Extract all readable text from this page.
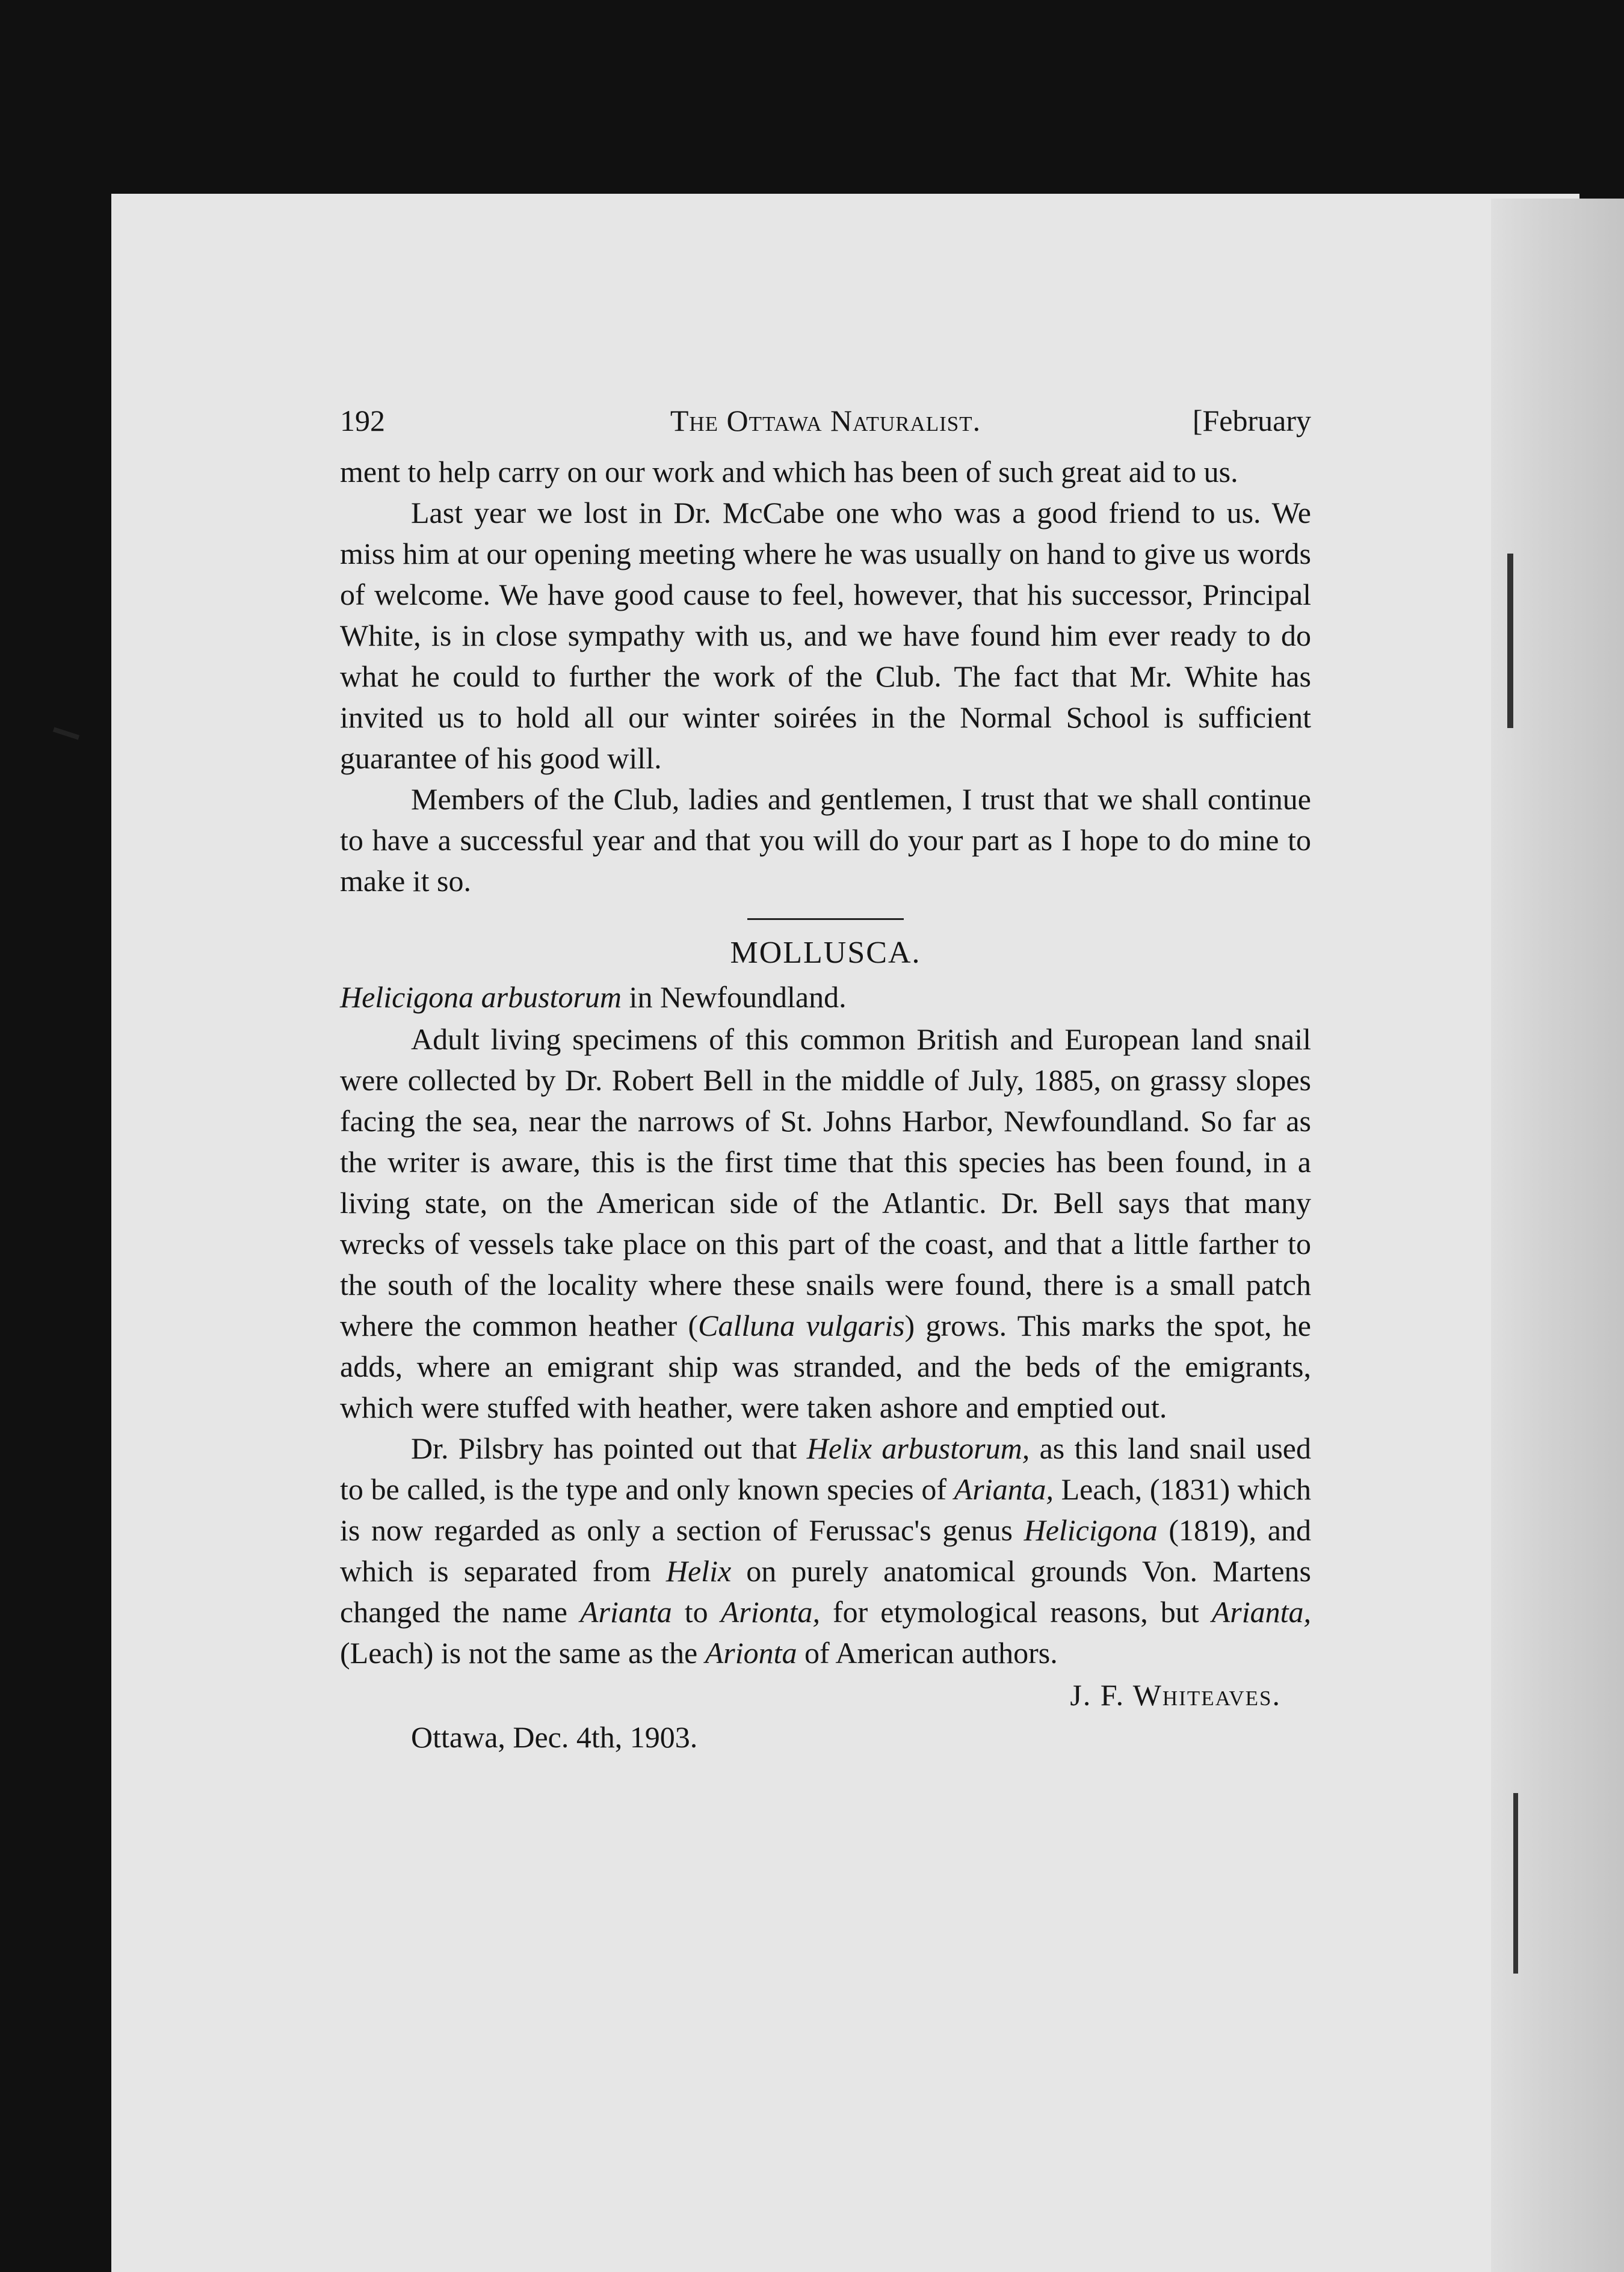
192	The Ottawa Naturalist.	[February

ment to help carry on our work and which has been of such great aid to us.

Last year we lost in Dr. McCabe one who was a good friend to us. We miss him at our opening meeting where he was usually on hand to give us words of welcome. We have good cause to feel, however, that his successor, Principal White, is in close sympathy with us, and we have found him ever ready to do what he could to further the work of the Club. The fact that Mr. White has invited us to hold all our winter soirées in the Normal School is sufficient guarantee of his good will.

Members of the Club, ladies and gentlemen, I trust that we shall continue to have a successful year and that you will do your part as I hope to do mine to make it so.

MOLLUSCA.
Helicigona arbustorum in Newfoundland.

Adult living specimens of this common British and European land snail were collected by Dr. Robert Bell in the middle of July, 1885, on grassy slopes facing the sea, near the narrows of St. Johns Harbor, Newfoundland. So far as the writer is aware, this is the first time that this species has been found, in a living state, on the American side of the Atlantic. Dr. Bell says that many wrecks of vessels take place on this part of the coast, and that a little farther to the south of the locality where these snails were found, there is a small patch where the common heather (Calluna vulgaris) grows. This marks the spot, he adds, where an emigrant ship was stranded, and the beds of the emigrants, which were stuffed with heather, were taken ashore and emptied out.

Dr. Pilsbry has pointed out that Helix arbustorum, as this land snail used to be called, is the type and only known species of Arianta, Leach, (1831) which is now regarded as only a section of Ferussac's genus Helicigona (1819), and which is separated from Helix on purely anatomical grounds Von. Martens changed the name Arianta to Arionta, for etymological reasons, but Arianta, (Leach) is not the same as the Arionta of American authors.

J. F. Whiteaves.
Ottawa, Dec. 4th, 1903.
